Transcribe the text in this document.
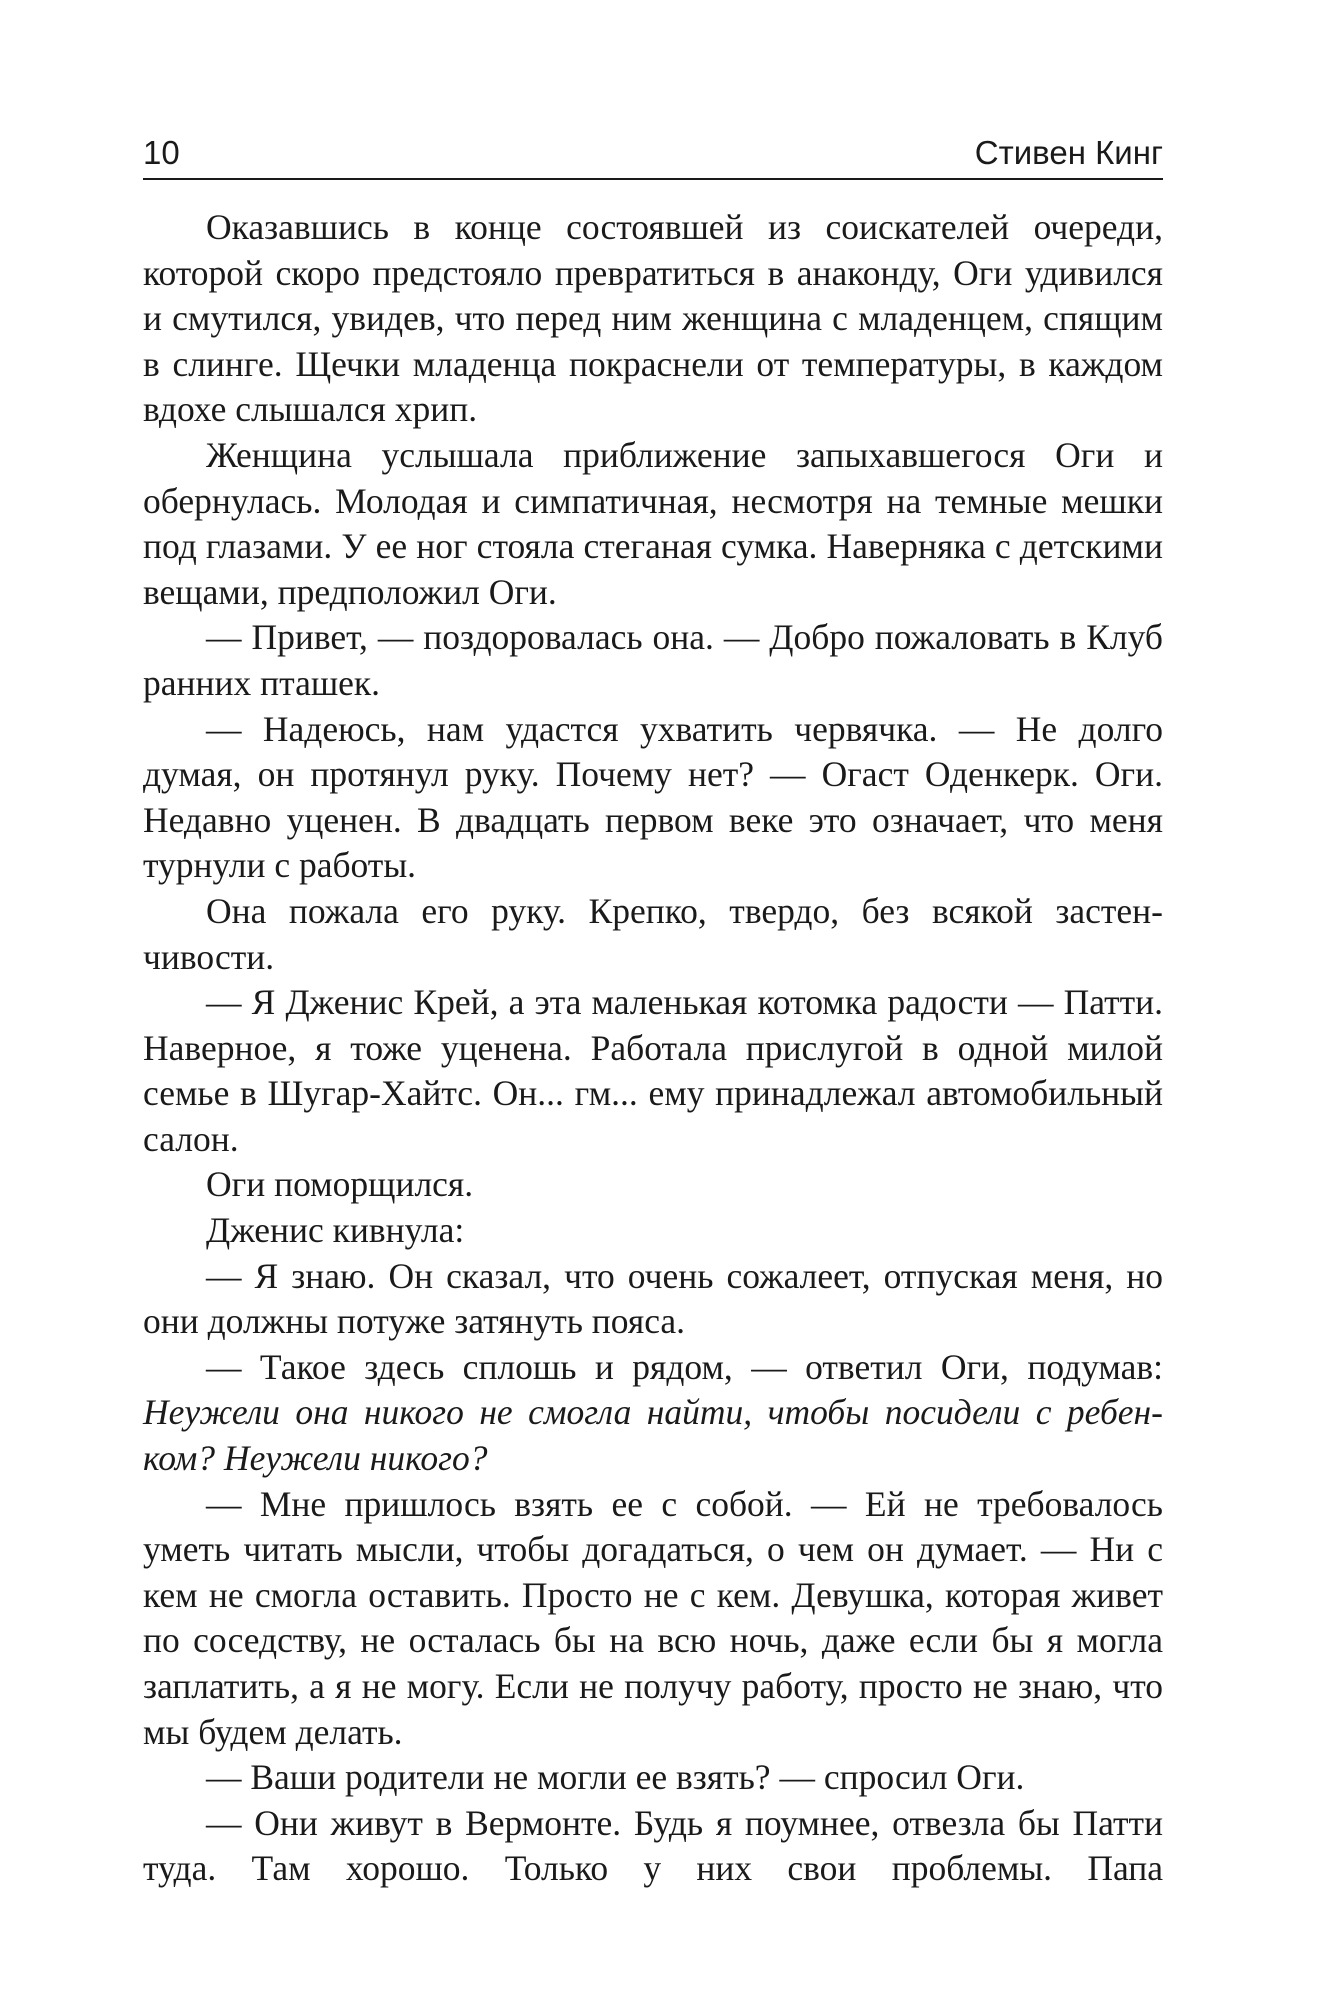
10	Стивен Кинг

Оказавшись в конце состоявшей из соискателей очереди, которой скоро предстояло превратиться в анаконду, Оги удивился и смутился, увидев, что перед ним женщина с младенцем, спящим в слинге. Щечки младенца покраснели от температуры, в каждом вдохе слышался хрип.

Женщина услышала приближение запыхавшегося Оги и обернулась. Молодая и симпатичная, несмотря на темные мешки под глазами. У ее ног стояла стеганая сумка. Наверняка с детскими вещами, предположил Оги.

— Привет, — поздоровалась она. — Добро пожаловать в Клуб ранних пташек.

— Надеюсь, нам удастся ухватить червячка. — Не долго думая, он протянул руку. Почему нет? — Огаст Оденкерк. Оги. Недавно уценен. В двадцать первом веке это означает, что меня турнули с работы.

Она пожала его руку. Крепко, твердо, без всякой застенчивости.

— Я Дженис Крей, а эта маленькая котомка радости — Патти. Наверное, я тоже уценена. Работала прислугой в одной милой семье в Шугар-Хайтс. Он... гм... ему принадлежал автомобильный салон.

Оги поморщился.

Дженис кивнула:

— Я знаю. Он сказал, что очень сожалеет, отпуская меня, но они должны потуже затянуть пояса.

— Такое здесь сплошь и рядом, — ответил Оги, подумав: Неужели она никого не смогла найти, чтобы посидели с ребенком? Неужели никого?

— Мне пришлось взять ее с собой. — Ей не требовалось уметь читать мысли, чтобы догадаться, о чем он думает. — Ни с кем не смогла оставить. Просто не с кем. Девушка, которая живет по соседству, не осталась бы на всю ночь, даже если бы я могла заплатить, а я не могу. Если не получу работу, просто не знаю, что мы будем делать.

— Ваши родители не могли ее взять? — спросил Оги.

— Они живут в Вермонте. Будь я поумнее, отвезла бы Патти туда. Там хорошо. Только у них свои проблемы. Папа
